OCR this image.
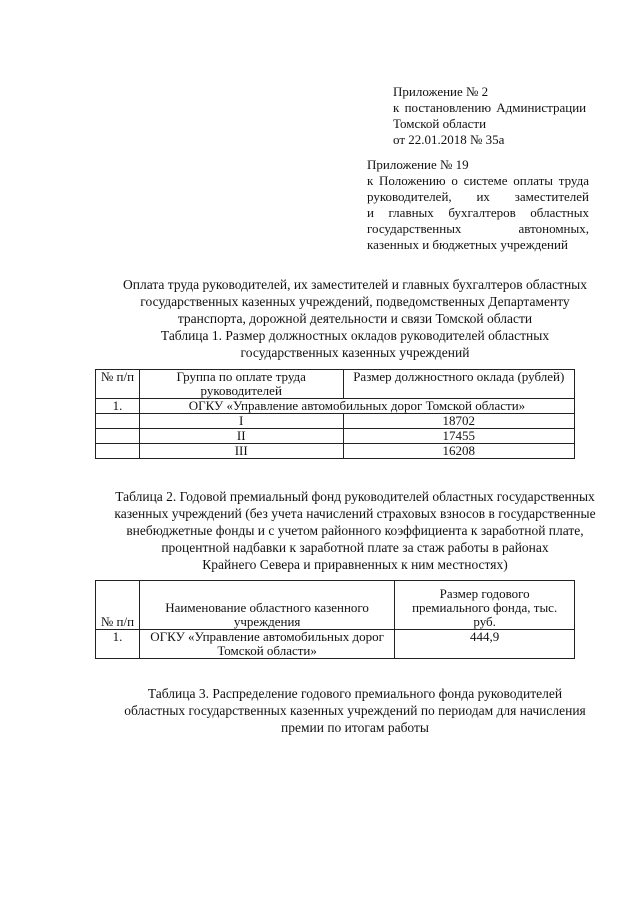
Приложение № 2
к постановлению Администрации
Томской области
от 22.01.2018 № 35а
Приложение № 19
к Положению о системе оплаты труда
руководителей, их заместителей
и главных бухгалтеров областных
государственных автономных,
казенных и бюджетных учреждений
Оплата труда руководителей, их заместителей и главных бухгалтеров областных
государственных казенных учреждений, подведомственных Департаменту
транспорта, дорожной деятельности и связи Томской области
Таблица 1. Размер должностных окладов руководителей областных
государственных казенных учреждений
№ п/п	Группа по оплате труда руководителей	Размер должностного оклада (рублей)
1.	ОГКУ «Управление автомобильных дорог Томской области»	
	I	18702
	II	17455
	III	16208
Таблица 2. Годовой премиальный фонд руководителей областных государственных
казенных учреждений (без учета начислений страховых взносов в государственные
внебюджетные фонды и с учетом районного коэффициента к заработной плате,
процентной надбавки к заработной плате за стаж работы в районах
Крайнего Севера и приравненных к ним местностях)
№ п/п	Наименование областного казенного учреждения	Размер годового премиального фонда, тыс. руб.
1.	ОГКУ «Управление автомобильных дорог Томской области»	444,9
Таблица 3. Распределение годового премиального фонда руководителей
областных государственных казенных учреждений по периодам для начисления
премии по итогам работы
